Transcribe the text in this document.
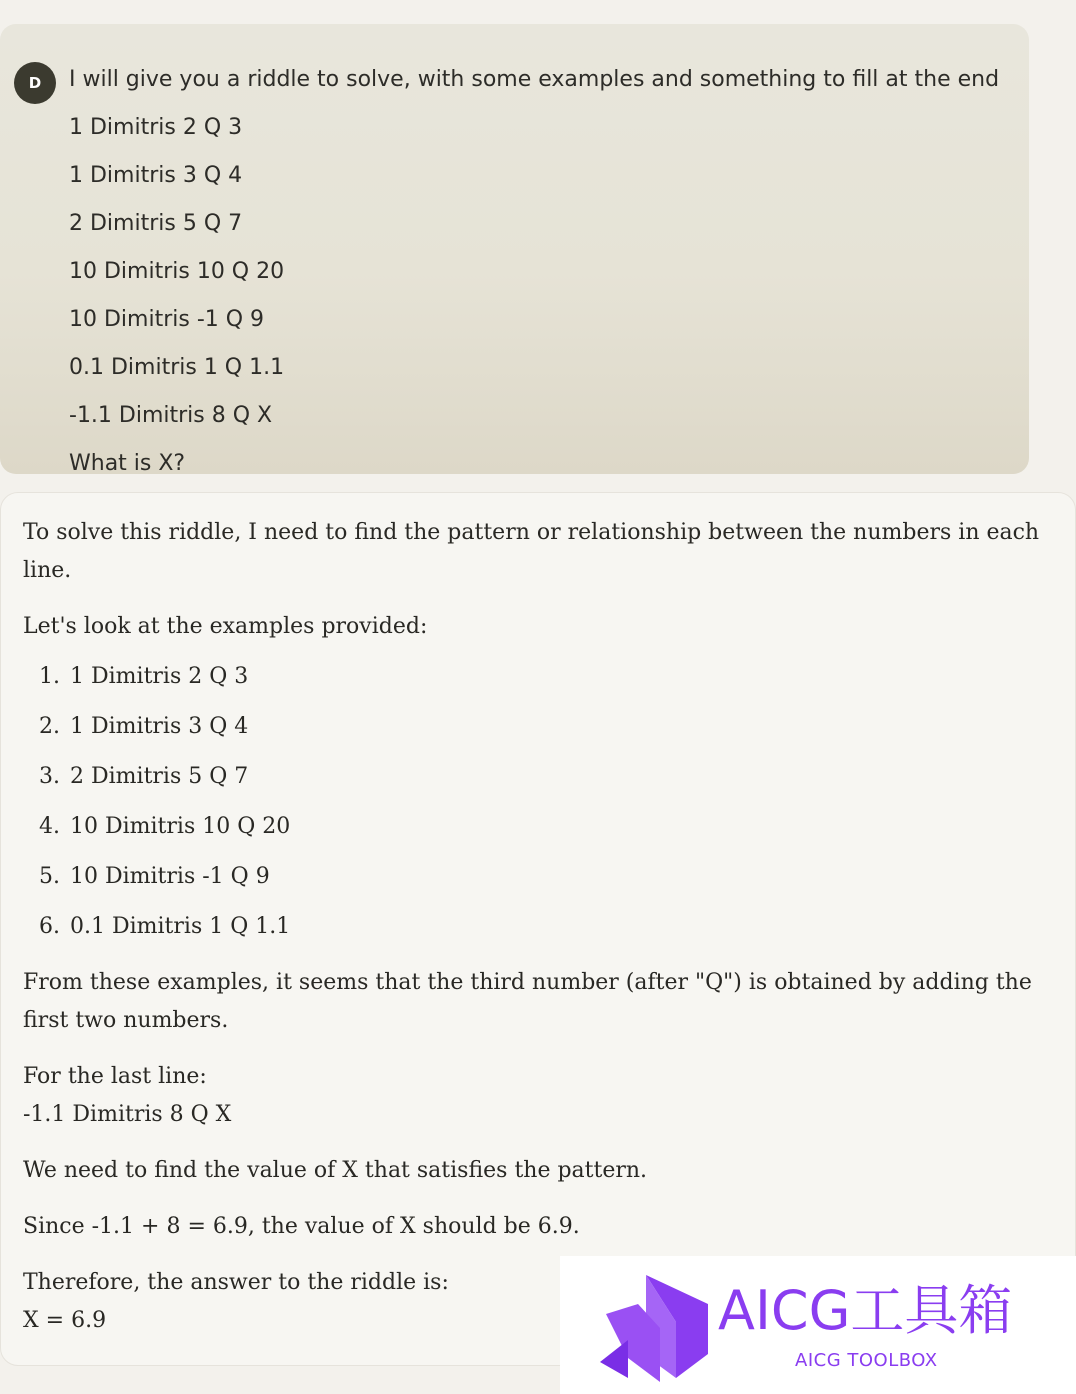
D	I will give you a riddle to solve, with some examples and something to fill at the end
1 Dimitris 2 Q 3
1 Dimitris 3 Q 4
2 Dimitris 5 Q 7
10 Dimitris 10 Q 20
10 Dimitris -1 Q 9
0.1 Dimitris 1 Q 1.1
-1.1 Dimitris 8 Q X
What is X?
To solve this riddle, I need to find the pattern or relationship between the numbers in each
line.
Let's look at the examples provided:
1. 1 Dimitris 2 Q 3
2. 1 Dimitris 3 Q 4
3. 2 Dimitris 5 Q 7
4. 10 Dimitris 10 Q 20
5. 10 Dimitris -1 Q 9
6. 0.1 Dimitris 1 Q 1.1
From these examples, it seems that the third number (after "Q") is obtained by adding the
first two numbers.
For the last line:
-1.1 Dimitris 8 Q X
We need to find the value of X that satisfies the pattern.
Since -1.1 + 8 = 6.9, the value of X should be 6.9.
Therefore, the answer to the riddle is:
X = 6.9	AICG工具箱
AICG TOOLBOX
